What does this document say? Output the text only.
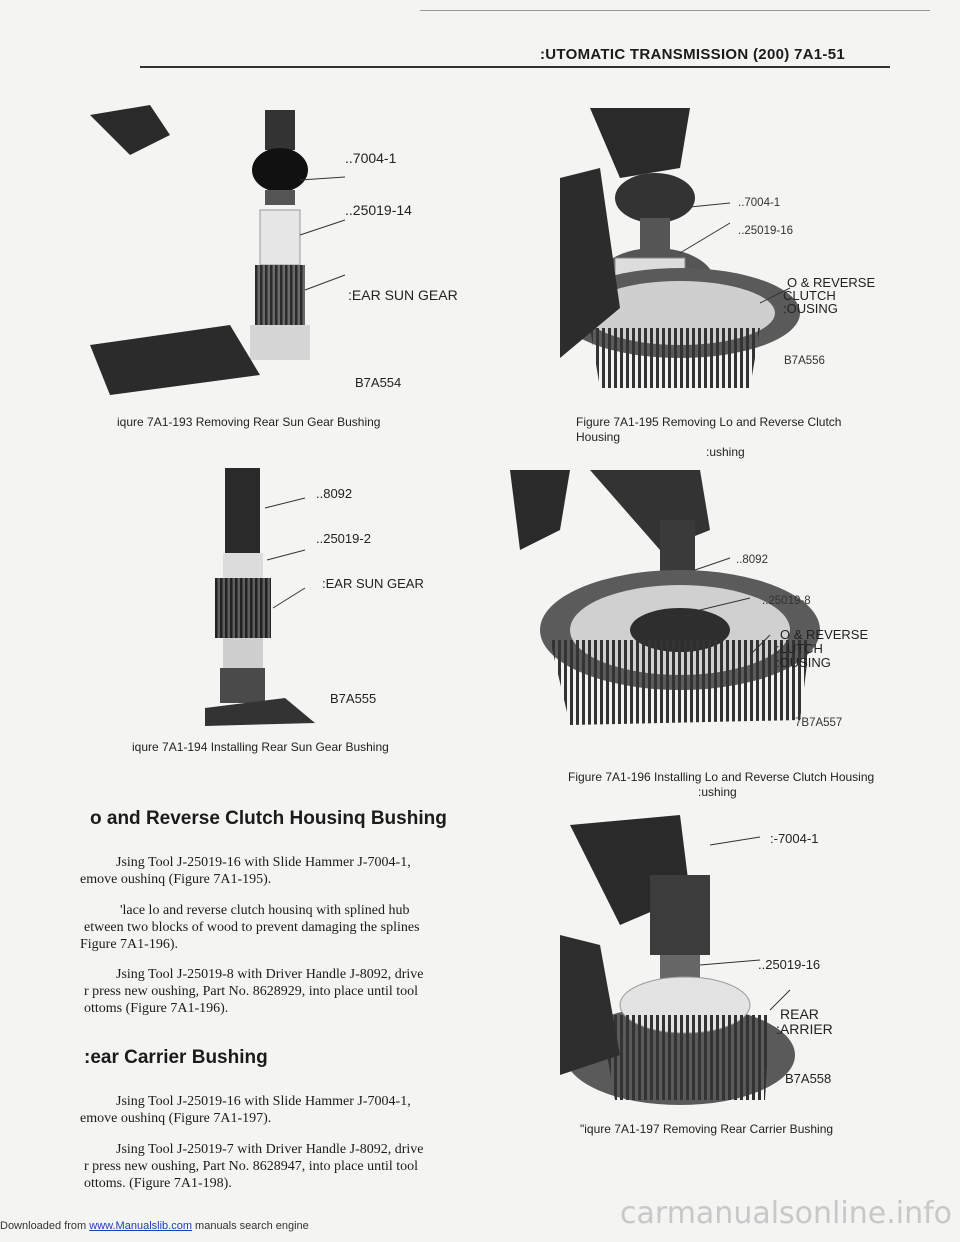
:UTOMATIC TRANSMISSION (200) 7A1-51
..7004-1
..25019-14
:EAR SUN GEAR
B7A554
iqure 7A1-193 Removing Rear Sun Gear Bushing
..8092
..25019-2
:EAR SUN GEAR
B7A555
iqure 7A1-194 Installing Rear Sun Gear Bushing
..7004-1
..25019-16
O & REVERSE
CLUTCH
:OUSING
B7A556
Figure 7A1-195 Removing Lo and Reverse Clutch Housing
:ushing
..8092
..25019-8
O & REVERSE
:LUTCH
:OUSING
7B7A557
Figure 7A1-196 Installing Lo and Reverse Clutch Housing
:ushing
:-7004-1
..25019-16
REAR
:ARRIER
B7A558
"iqure 7A1-197 Removing Rear Carrier Bushing
o and Reverse Clutch Housinq Bushing
Jsing Tool J-25019-16 with Slide Hammer J-7004-1,
emove oushinq (Figure 7A1-195).
'lace lo and reverse clutch housinq with splined hub
etween two blocks of wood to prevent damaging the splines
Figure 7A1-196).
Jsing Tool J-25019-8 with Driver Handle J-8092, drive
r press new oushing, Part No. 8628929, into place until tool
ottoms (Figure 7A1-196).
:ear Carrier Bushing
Jsing Tool J-25019-16 with Slide Hammer J-7004-1,
emove oushinq (Figure 7A1-197).
Jsing Tool J-25019-7 with Driver Handle J-8092, drive
r press new oushing, Part No. 8628947, into place until tool
ottoms. (Figure 7A1-198).
carmanualsonline.info
Downloaded from www.Manualslib.com manuals search engine
